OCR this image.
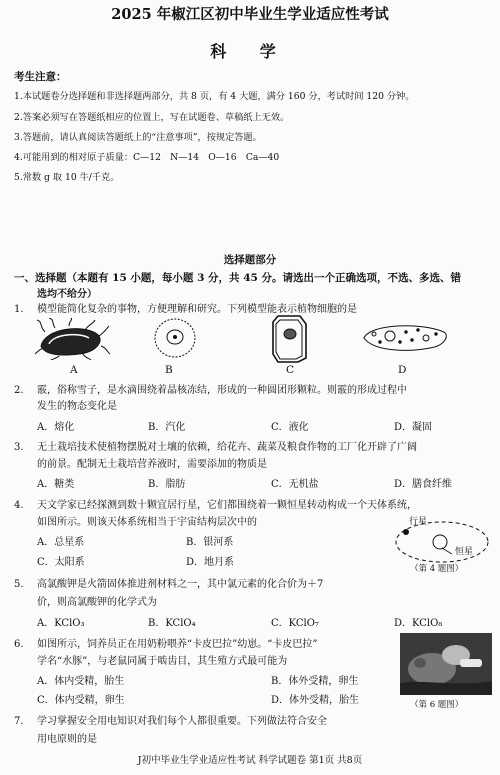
2025 年椒江区初中毕业生学业适应性考试
科 学
考生注意：
1.本试题卷分选择题和非选择题两部分，共 8 页，有 4 大题，满分 160 分，考试时间 120 分钟。
2.答案必须写在答题纸相应的位置上，写在试题卷、草稿纸上无效。
3.答题前，请认真阅读答题纸上的“注意事项”，按规定答题。
4.可能用到的相对原子质量：C—12　N—14　O—16　Ca—40
5.常数 g 取 10 牛/千克。
选择题部分
一、选择题（本题有 15 小题，每小题 3 分，共 45 分。请选出一个正确选项，不选、多选、错
选均不给分）
1. 模型能简化复杂的事物，方便理解和研究。下列模型能表示植物细胞的是
A	B	C	D
2. 霰，俗称雪子，是水滴围绕着晶核冻结，形成的一种圆团形颗粒。则霰的形成过程中
发生的物态变化是
A．熔化	B．汽化	C．液化	D．凝固
3. 无土栽培技术使植物摆脱对土壤的依赖，给花卉、蔬菜及粮食作物的工厂化开辟了广阔
的前景。配制无土栽培营养液时，需要添加的物质是
A．糖类	B．脂肪	C．无机盐	D．膳食纤维
4. 天文学家已经探测到数十颗宜居行星，它们都围绕着一颗恒星转动构成一个天体系统，
如图所示。则该天体系统相当于宇宙结构层次中的
A．总星系	B．银河系
C．太阳系	D．地月系
行星
恒星
（第 4 题图）
5. 高氯酸钾是火箭固体推进剂材料之一，其中氯元素的化合价为＋7
价，则高氯酸钾的化学式为
A．KClO₃	B．KClO₄	C．KClO₇	D．KClO₈
6. 如图所示，饲养员正在用奶粉喂养“卡皮巴拉”幼崽。“卡皮巴拉”
学名“水豚”，与老鼠同属于啮齿目，其生殖方式最可能为
A．体内受精，胎生	B．体外受精，卵生
C．体内受精，卵生	D．体外受精，胎生	（第 6 题图）
7. 学习掌握安全用电知识对我们每个人都很重要。下列做法符合安全
用电原则的是
J初中毕业生学业适应性考试 科学试题卷 第1页 共8页
